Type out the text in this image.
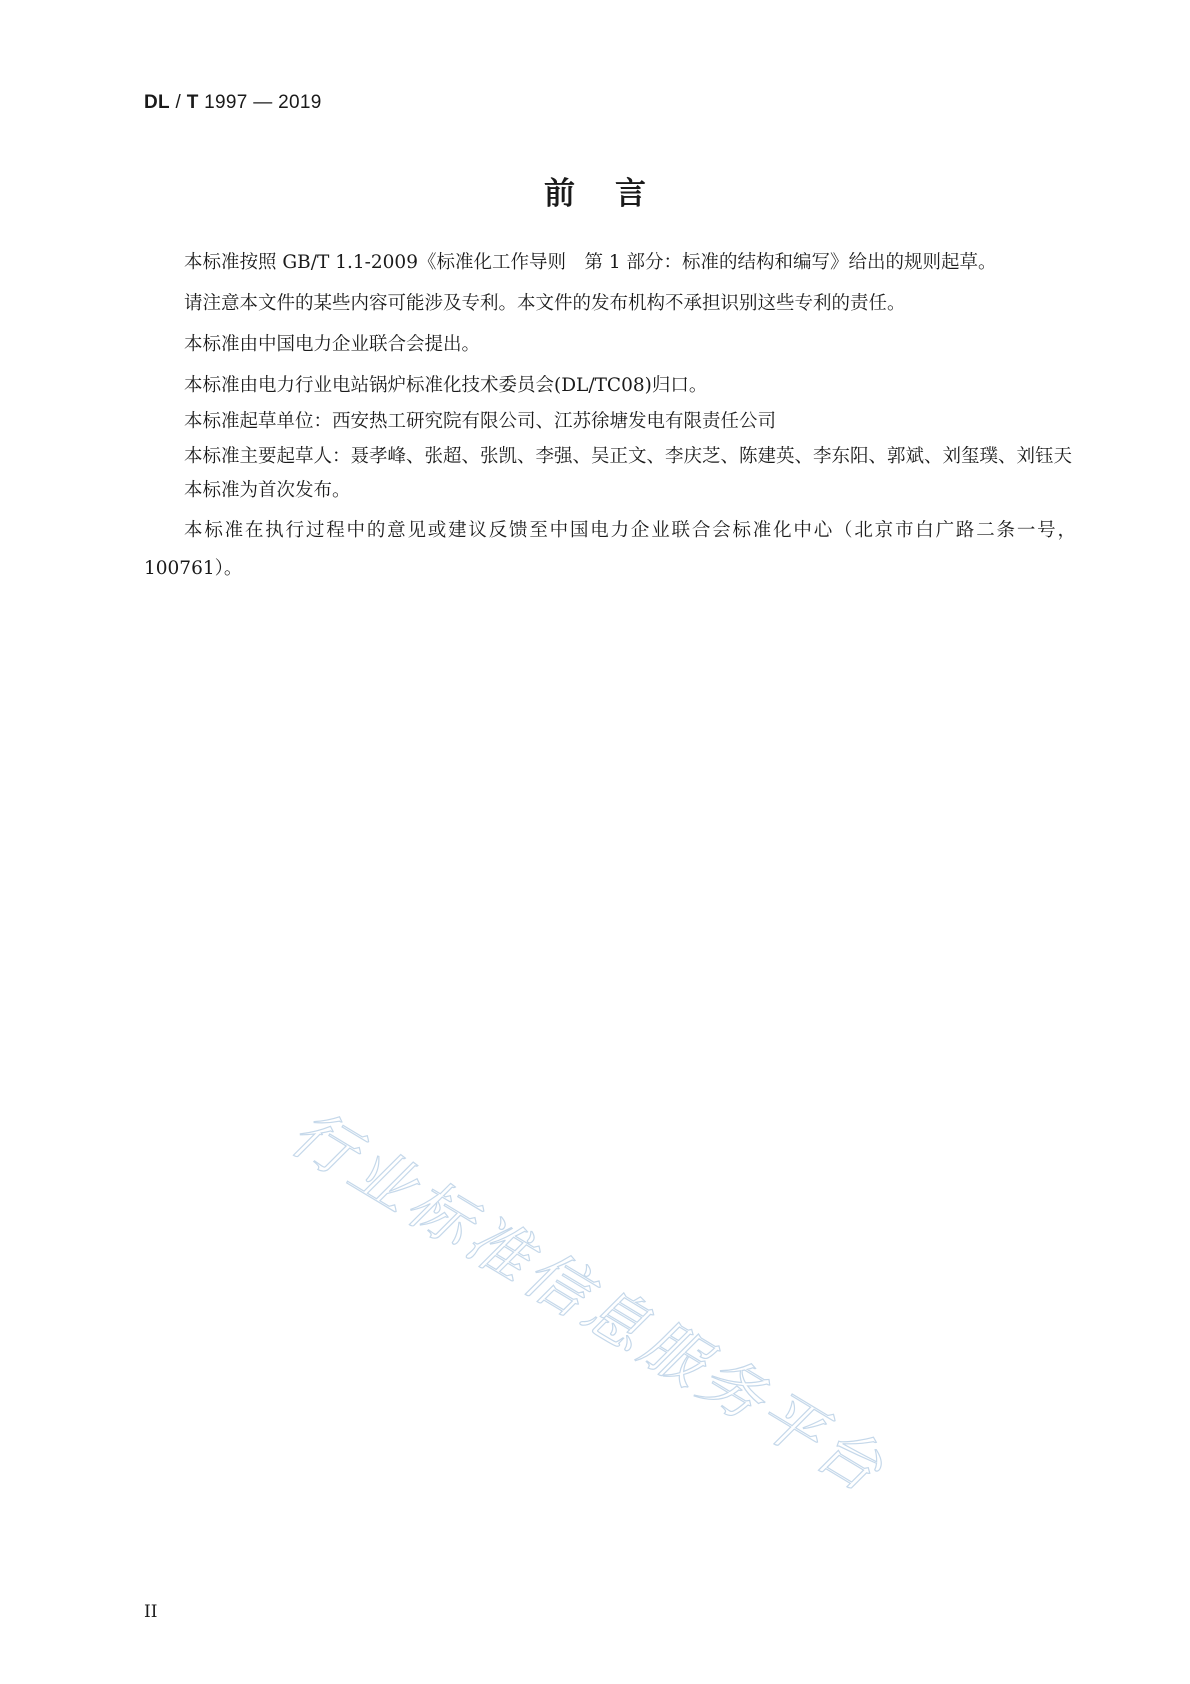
DL / T 1997 — 2019
前言

本标准按照 GB/T 1.1-2009《标准化工作导则　第 1 部分：标准的结构和编写》给出的规则起草。

请注意本文件的某些内容可能涉及专利。本文件的发布机构不承担识别这些专利的责任。

本标准由中国电力企业联合会提出。

本标准由电力行业电站锅炉标准化技术委员会(DL/TC08)归口。

本标准起草单位：西安热工研究院有限公司、江苏徐塘发电有限责任公司

本标准主要起草人：聂孝峰、张超、张凯、李强、吴正文、李庆芝、陈建英、李东阳、郭斌、刘玺璞、刘钰天

本标准为首次发布。

本标准在执行过程中的意见或建议反馈至中国电力企业联合会标准化中心（北京市白广路二条一号，100761）。

行业标准信息服务平台
II
